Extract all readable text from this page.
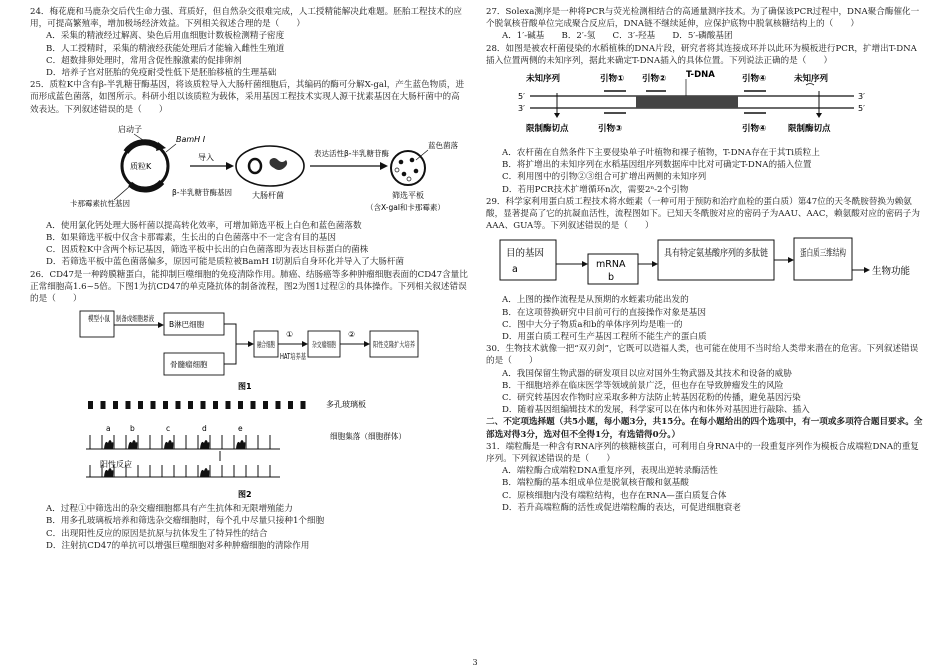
24．梅花鹿和马鹿杂交后代生命力强、茸质好，但自然杂交很难完成，人工授精能解决此难题。胚胎工程技术的应用，可提高繁殖率，增加极场经济效益。下列相关叙述合理的是（　　）

A．采集的精液经过解离、染色后用血细胞计数板检测精子密度

B．人工授精时，采集的精液经获能处理后才能输入雌性生殖道

C．超数排卵处理时，常用含促性腺激素的促排卵剂

D．培养子宫对胚胎的免疫耐受性低下是胚胎移植的生理基础

25．质粒K中含有β-半乳糖苷酶基因，将该质粒导入大肠杆菌细胞后，其编码的酶可分解X-gal，产生蓝色物质，进而形成蓝色菌落，如图所示。科研小组以该质粒为载体，采用基因工程技术实现人源干扰素基因在大肠杆菌中的高效表达。下列叙述错误的是（　　）

启动子
BamH I
质粒K
卡那霉素抗性基因
β-半乳糖苷酶基因
导入
大肠杆菌
表达活性β-半乳糖苷酶
蓝色菌落
筛选平板
（含X-gal和卡那霉素）

A．使用氯化钙处理大肠杆菌以提高转化效率，可增加筛选平板上白色和蓝色菌落数

B．如果筛选平板中仅含卡那霉素，生长出的白色菌落中不一定含有目的基因

C．因质粒K中含两个标记基因，筛选平板中长出的白色菌落即为表达目标蛋白的菌株

D．若筛选平板中蓝色菌落偏多，原因可能是质粒被BamH I切割后自身环化并导入了大肠杆菌

26．CD47是一种跨膜糖蛋白，能抑制巨噬细胞的免疫清除作用。肺癌、结肠癌等多种肿瘤细胞表面的CD47含量比正常细胞高1.6~5倍。下图1为抗CD47的单克隆抗体的制备流程，图2为图1过程②的具体操作。下列相关叙述错误的是（　　）

模型小鼠
制备成细胞悬液
B淋巴细胞
骨髓瘤细胞
融合细胞
①
HAT培养基
杂交瘤细胞
②
阳性克隆扩大培养
图1
多孔玻璃板
a	b	c	d	e
细胞集落（细胞群体）
阳性反应
图2

A．过程①中筛选出的杂交瘤细胞都具有产生抗体和无限增殖能力

B．用多孔玻璃板培养和筛选杂交瘤细胞时，每个孔中尽量只接种1个细胞

C．出现阳性反应的原因是抗原与抗体发生了特异性的结合

D．注射抗CD47的单抗可以增强巨噬细胞对多种肿瘤细胞的清除作用

27．Solexa测序是一种将PCR与荧光检测相结合的高通量测序技术。为了确保该PCR过程中，DNA聚合酶催化一个脱氧核苷酸单位完成聚合反应后，DNA链不继续延伸，应保护底物中脱氧核糖结构上的（　　）

A．1′-碱基　　B．2′-氢　　C．3′-羟基　　D．5′-磷酸基团

28．如图是被农杆菌侵染的水稻植株的DNA片段，研究者将其连接成环并以此环为模板进行PCR，扩增出T-DNA插入位置两侧的未知序列，据此来确定T-DNA插入的具体位置。下列说法正确的是（　　）

未知序列	引物① 引物② T-DNA	引物④	未知序列
5′	3′
3′	5′
限制酶切点	引物③	引物④	限制酶切点

A．农杆菌在自然条件下主要侵染单子叶植物和裸子植物，T-DNA存在于其Ti质粒上

B．将扩增出的未知序列在水稻基因组序列数据库中比对可确定T-DNA的插入位置

C．利用图中的引物②③组合可扩增出两侧的未知序列

D．若用PCR技术扩增循环n次，需要2ⁿ-2个引物

29．科学家利用蛋白质工程技术将水蛭素（一种可用于预防和治疗血栓的蛋白质）第47位的天冬酰胺替换为赖氨酸，显著提高了它的抗凝血活性，流程图如下。已知天冬酰胺对应的密码子为AAU、AAC，赖氨酸对应的密码子为AAA、GUA等。下列叙述错误的是（　　）

目的基因
a	mRNA
b
具有特定氨基酸序列的多肽链 蛋白质三维结构
生物功能

A．上图的操作流程是从预期的水蛭素功能出发的

B．在这项替换研究中目前可行的直接操作对象是基因

C．图中大分子物质a和b的单体序列均是唯一的

D．用蛋白质工程可生产基因工程所不能生产的蛋白质

30．生物技术就像一把“双刃剑”，它既可以造福人类，也可能在使用不当时给人类带来潜在的危害。下列叙述错误的是（　　）

A．我国保留生物武器的研发项目以应对国外生物武器及其技术和设备的威胁

B．干细胞培养在临床医学等领域前景广泛，但也存在导致肿瘤发生的风险

C．研究转基因农作物时应采取多种方法防止转基因花粉的传播，避免基因污染

D．随着基因组编辑技术的发展，科学家可以在体内和体外对基因进行敲除、插入

二、不定项选择题（共5小题，每小题3分，共15分。在每小题给出的四个选项中，有一项或多项符合题目要求。全部选对得3分，选对但不全得1分，有选错得0分。）

31．端粒酶是一种含有RNA序列的核糖核蛋白，可利用自身RNA中的一段重复序列作为模板合成端粒DNA的重复序列。下列叙述错误的是（　　）

A．端粒酶合成端粒DNA重复序列，表现出逆转录酶活性

B．端粒酶的基本组成单位是脱氧核苷酸和氨基酸

C．原核细胞内没有端粒结构，也存在RNA—蛋白质复合体

D．若升高端粒酶的活性或促进端粒酶的表达，可促进细胞衰老

3
